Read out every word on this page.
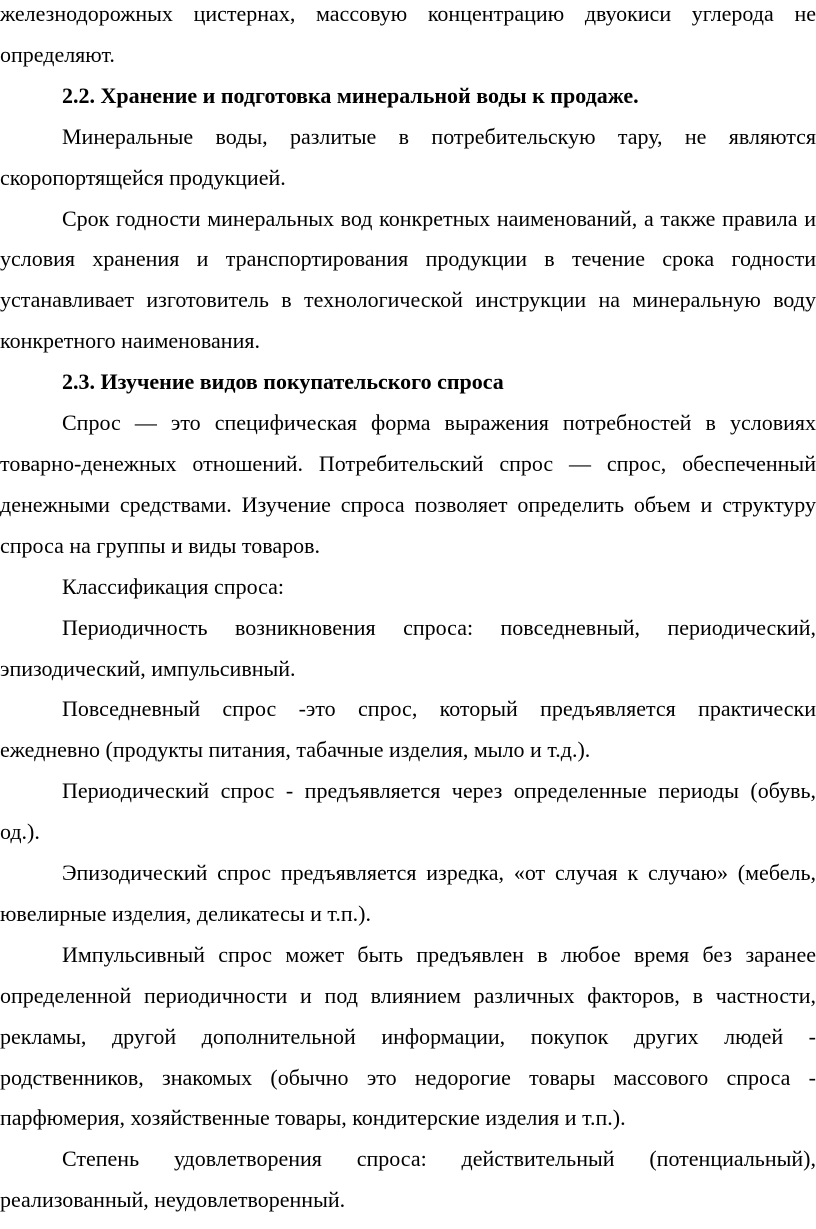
железнодорожных цистернах, массовую концентрацию двуокиси углерода не определяют.

2.2. Хранение и подготовка минеральной воды к продаже.

Минеральные воды, разлитые в потребительскую тару, не являются скоропортящейся продукцией.

Срок годности минеральных вод конкретных наименований, а также правила и условия хранения и транспортирования продукции в течение срока годности устанавливает изготовитель в технологической инструкции на минеральную воду конкретного наименования.

2.3. Изучение видов покупательского спроса

Спрос — это специфическая форма выражения потребностей в условиях товарно-денежных отношений. Потребительский спрос — спрос, обеспеченный денежными средствами. Изучение спроса позволяет определить объем и структуру спроса на группы и виды товаров.

Классификация спроса:

Периодичность возникновения спроса: повседневный, периодический, эпизодический, импульсивный.

Повседневный спрос -это спрос, который предъявляется практически ежедневно (продукты питания, табачные изделия, мыло и т.д.).

Периодический спрос - предъявляется через определенные периоды (обувь, од.).

Эпизодический спрос предъявляется изредка, «от случая к случаю» (мебель, ювелирные изделия, деликатесы и т.п.).

Импульсивный спрос может быть предъявлен в любое время без заранее определенной периодичности и под влиянием различных факторов, в частности, рекламы, другой дополнительной информации, покупок других людей - родственников, знакомых (обычно это недорогие товары массового спроса - парфюмерия, хозяйственные товары, кондитерские изделия и т.п.).

Степень удовлетворения спроса: действительный (потенциальный), реализованный, неудовлетворенный.
